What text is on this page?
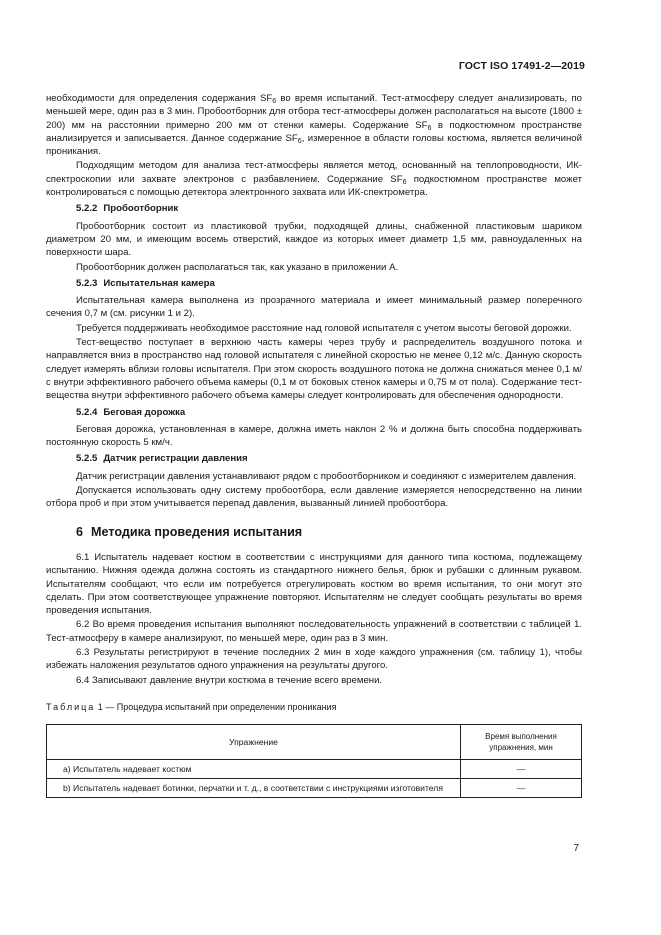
ГОСТ ISO 17491-2—2019

необходимости для определения содержания $SF_6$ во время испытаний. Тест-атмосферу следует анализировать, по меньшей мере, один раз в 3 мин. Пробоотборник для отбора тест-атмосферы должен располагаться на высоте (1800 ± 200) мм на расстоянии примерно 200 мм от стенки камеры. Содержание $SF_6$ в подкостюмном пространстве анализируется и записывается. Данное содержание $SF_6$, измеренное в области головы костюма, является величиной проникания.

Подходящим методом для анализа тест-атмосферы является метод, основанный на теплопроводности, ИК-спектроскопии или захвате электронов с разбавлением. Содержание $SF_6$ подкостюмном пространстве может контролироваться с помощью детектора электронного захвата или ИК-спектрометра.

5.2.2 Пробоотборник

Пробоотборник состоит из пластиковой трубки, подходящей длины, снабженной пластиковым шариком диаметром 20 мм, и имеющим восемь отверстий, каждое из которых имеет диаметр 1,5 мм, равноудаленных на поверхности шара.

Пробоотборник должен располагаться так, как указано в приложении А.

5.2.3 Испытательная камера

Испытательная камера выполнена из прозрачного материала и имеет минимальный размер поперечного сечения 0,7 м (см. рисунки 1 и 2).

Требуется поддерживать необходимое расстояние над головой испытателя с учетом высоты беговой дорожки.

Тест-вещество поступает в верхнюю часть камеры через трубу и распределитель воздушного потока и направляется вниз в пространство над головой испытателя с линейной скоростью не менее 0,12 м/с. Данную скорость следует измерять вблизи головы испытателя. При этом скорость воздушного потока не должна снижаться менее 0,1 м/с внутри эффективного рабочего объема камеры (0,1 м от боковых стенок камеры и 0,75 м от пола). Содержание тест-вещества внутри эффективного рабочего объема камеры следует контролировать для обеспечения однородности.

5.2.4 Беговая дорожка

Беговая дорожка, установленная в камере, должна иметь наклон 2 % и должна быть способна поддерживать постоянную скорость 5 км/ч.

5.2.5 Датчик регистрации давления

Датчик регистрации давления устанавливают рядом с пробоотборником и соединяют с измерителем давления.

Допускается использовать одну систему пробоотбора, если давление измеряется непосредственно на линии отбора проб и при этом учитывается перепад давления, вызванный линией пробоотбора.

6 Методика проведения испытания

6.1 Испытатель надевает костюм в соответствии с инструкциями для данного типа костюма, подлежащему испытанию. Нижняя одежда должна состоять из стандартного нижнего белья, брюк и рубашки с длинным рукавом. Испытателям сообщают, что если им потребуется отрегулировать костюм во время испытания, то они могут это сделать. При этом соответствующее упражнение повторяют. Испытателям не следует сообщать результаты во время проведения испытания.

6.2 Во время проведения испытания выполняют последовательность упражнений в соответствии с таблицей 1. Тест-атмосферу в камере анализируют, по меньшей мере, один раз в 3 мин.

6.3 Результаты регистрируют в течение последних 2 мин в ходе каждого упражнения (см. таблицу 1), чтобы избежать наложения результатов одного упражнения на результаты другого.

6.4 Записывают давление внутри костюма в течение всего времени.

Таблица 1 — Процедура испытаний при определении проникания
Упражнение	Время выполнения упражнения, мин
a) Испытатель надевает костюм	—
b) Испытатель надевает ботинки, перчатки и т. д., в соответствии с инструкциями изготовителя	—
7
